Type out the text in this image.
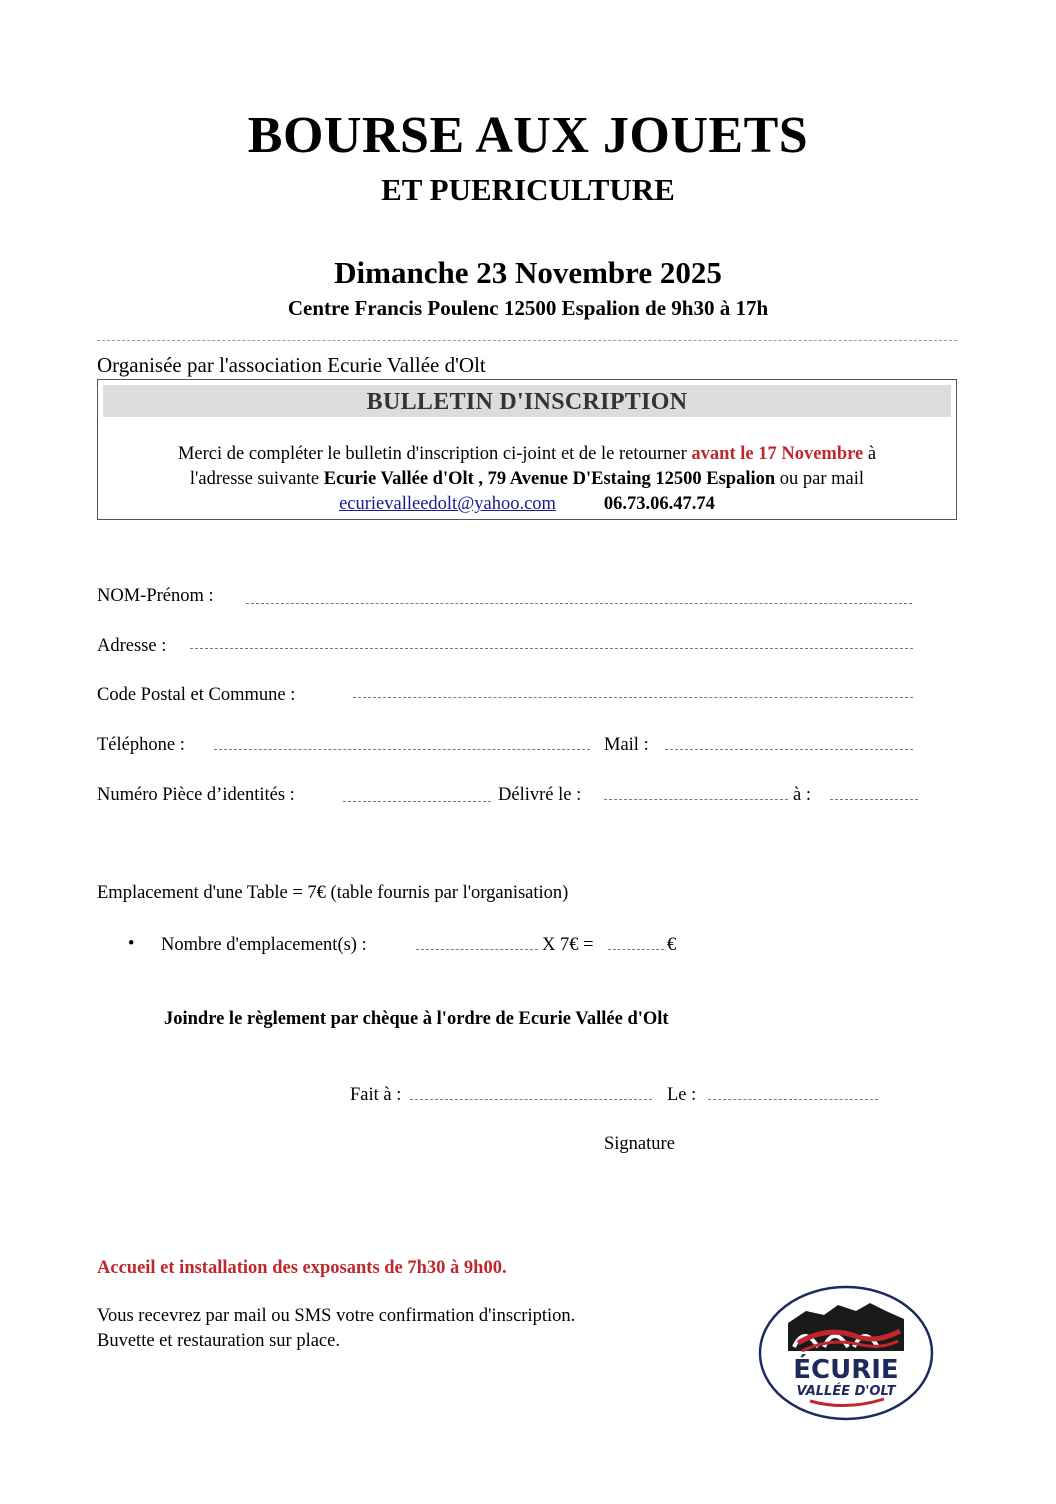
BOURSE AUX JOUETS
ET PUERICULTURE
Dimanche 23 Novembre 2025
Centre Francis Poulenc 12500 Espalion de 9h30 à 17h
Organisée par l'association Ecurie Vallée d'Olt
BULLETIN D'INSCRIPTION
Merci de compléter le bulletin d'inscription ci-joint et de le retourner avant le 17 Novembre à
l'adresse suivante Ecurie Vallée d'Olt , 79 Avenue D'Estaing 12500 Espalion ou par mail
ecurievalleedolt@yahoo.com	06.73.06.47.74
NOM-Prénom :
Adresse :
Code Postal et Commune :
Téléphone :	Mail :
Numéro Pièce d’identités :	Délivré le :	à :
Emplacement d'une Table = 7€ (table fournis par l'organisation)
• Nombre d'emplacement(s) :	X 7€ =	€
Joindre le règlement par chèque à l'ordre de Ecurie Vallée d'Olt
Fait à :	Le :
Signature
Accueil et installation des exposants de 7h30 à 9h00.
Vous recevrez par mail ou SMS votre confirmation d'inscription.
Buvette et restauration sur place.
ÉCURIE
VALLÉE D'OLT
